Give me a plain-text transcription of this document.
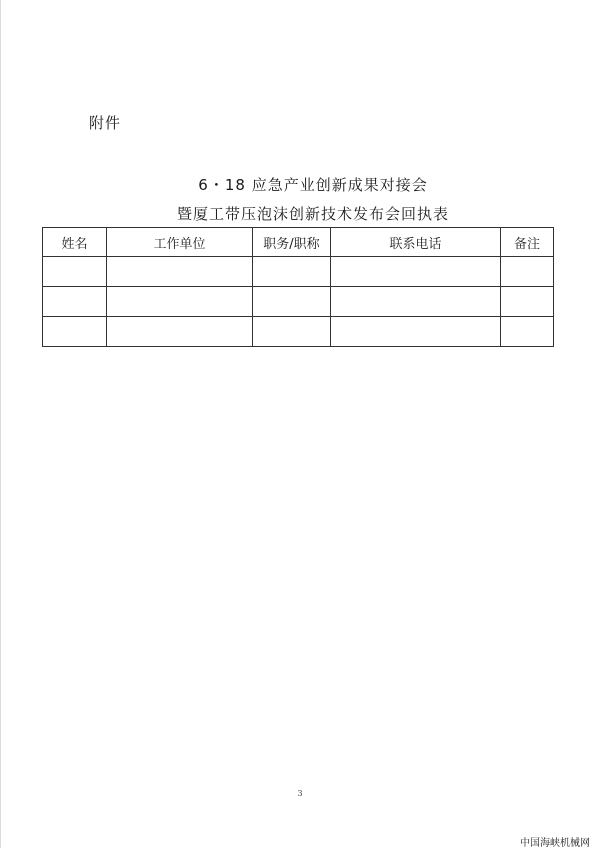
附件
6・18 应急产业创新成果对接会
暨厦工带压泡沫创新技术发布会回执表
姓名	工作单位	职务/职称	联系电话	备注

3
中国海峡机械网
